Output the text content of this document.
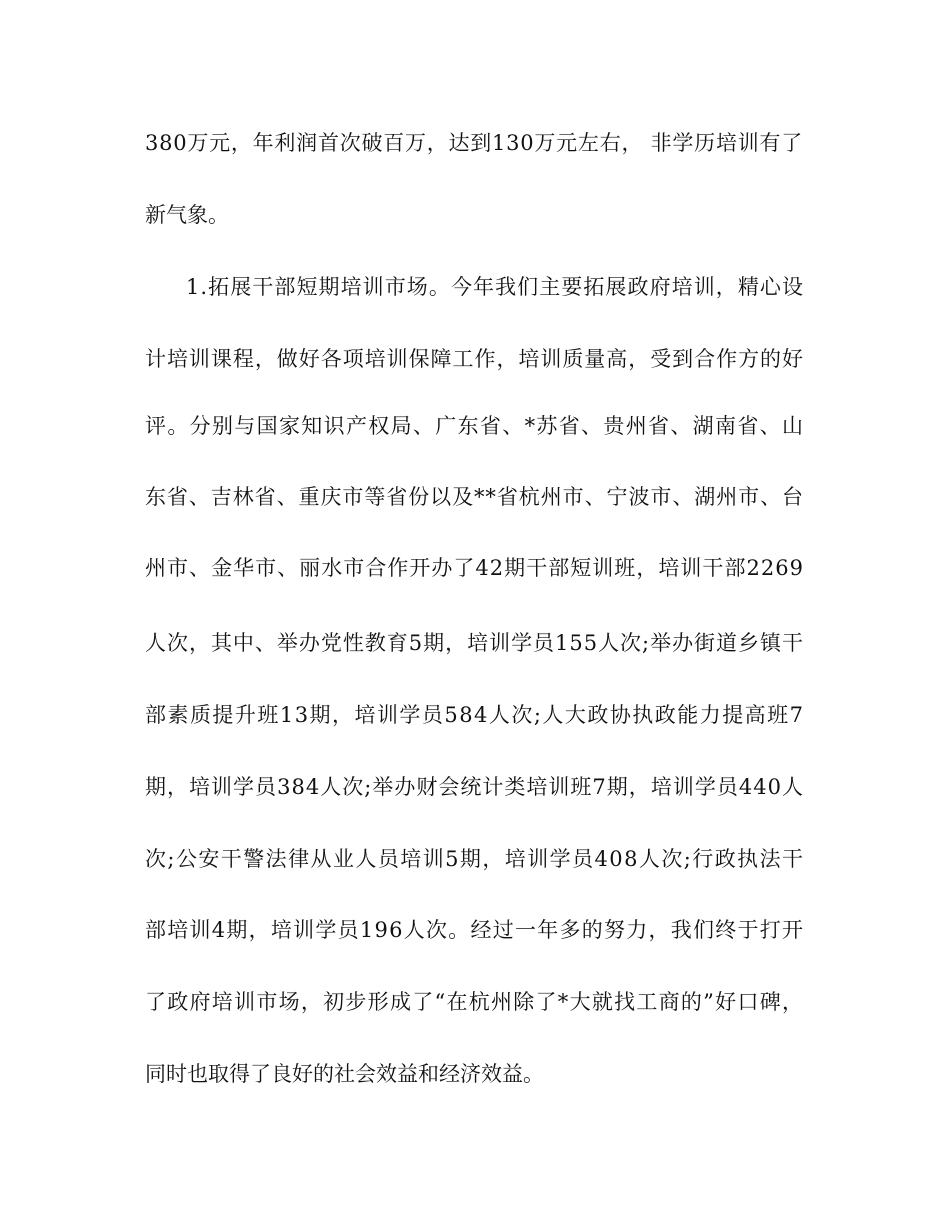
380万元，年利润首次破百万，达到130万元左右， 非学历培训有了
新气象。
1.拓展干部短期培训市场。今年我们主要拓展政府培训，精心设
计培训课程，做好各项培训保障工作，培训质量高，受到合作方的好
评。分别与国家知识产权局、广东省、*苏省、贵州省、湖南省、山
东省、吉林省、重庆市等省份以及**省杭州市、宁波市、湖州市、台
州市、金华市、丽水市合作开办了42期干部短训班，培训干部2269
人次，其中、举办党性教育5期，培训学员155人次;举办街道乡镇干
部素质提升班13期，培训学员584人次;人大政协执政能力提高班7
期，培训学员384人次;举办财会统计类培训班7期，培训学员440人
次;公安干警法律从业人员培训5期，培训学员408人次;行政执法干
部培训4期，培训学员196人次。经过一年多的努力，我们终于打开
了政府培训市场，初步形成了“在杭州除了*大就找工商的”好口碑，
同时也取得了良好的社会效益和经济效益。
